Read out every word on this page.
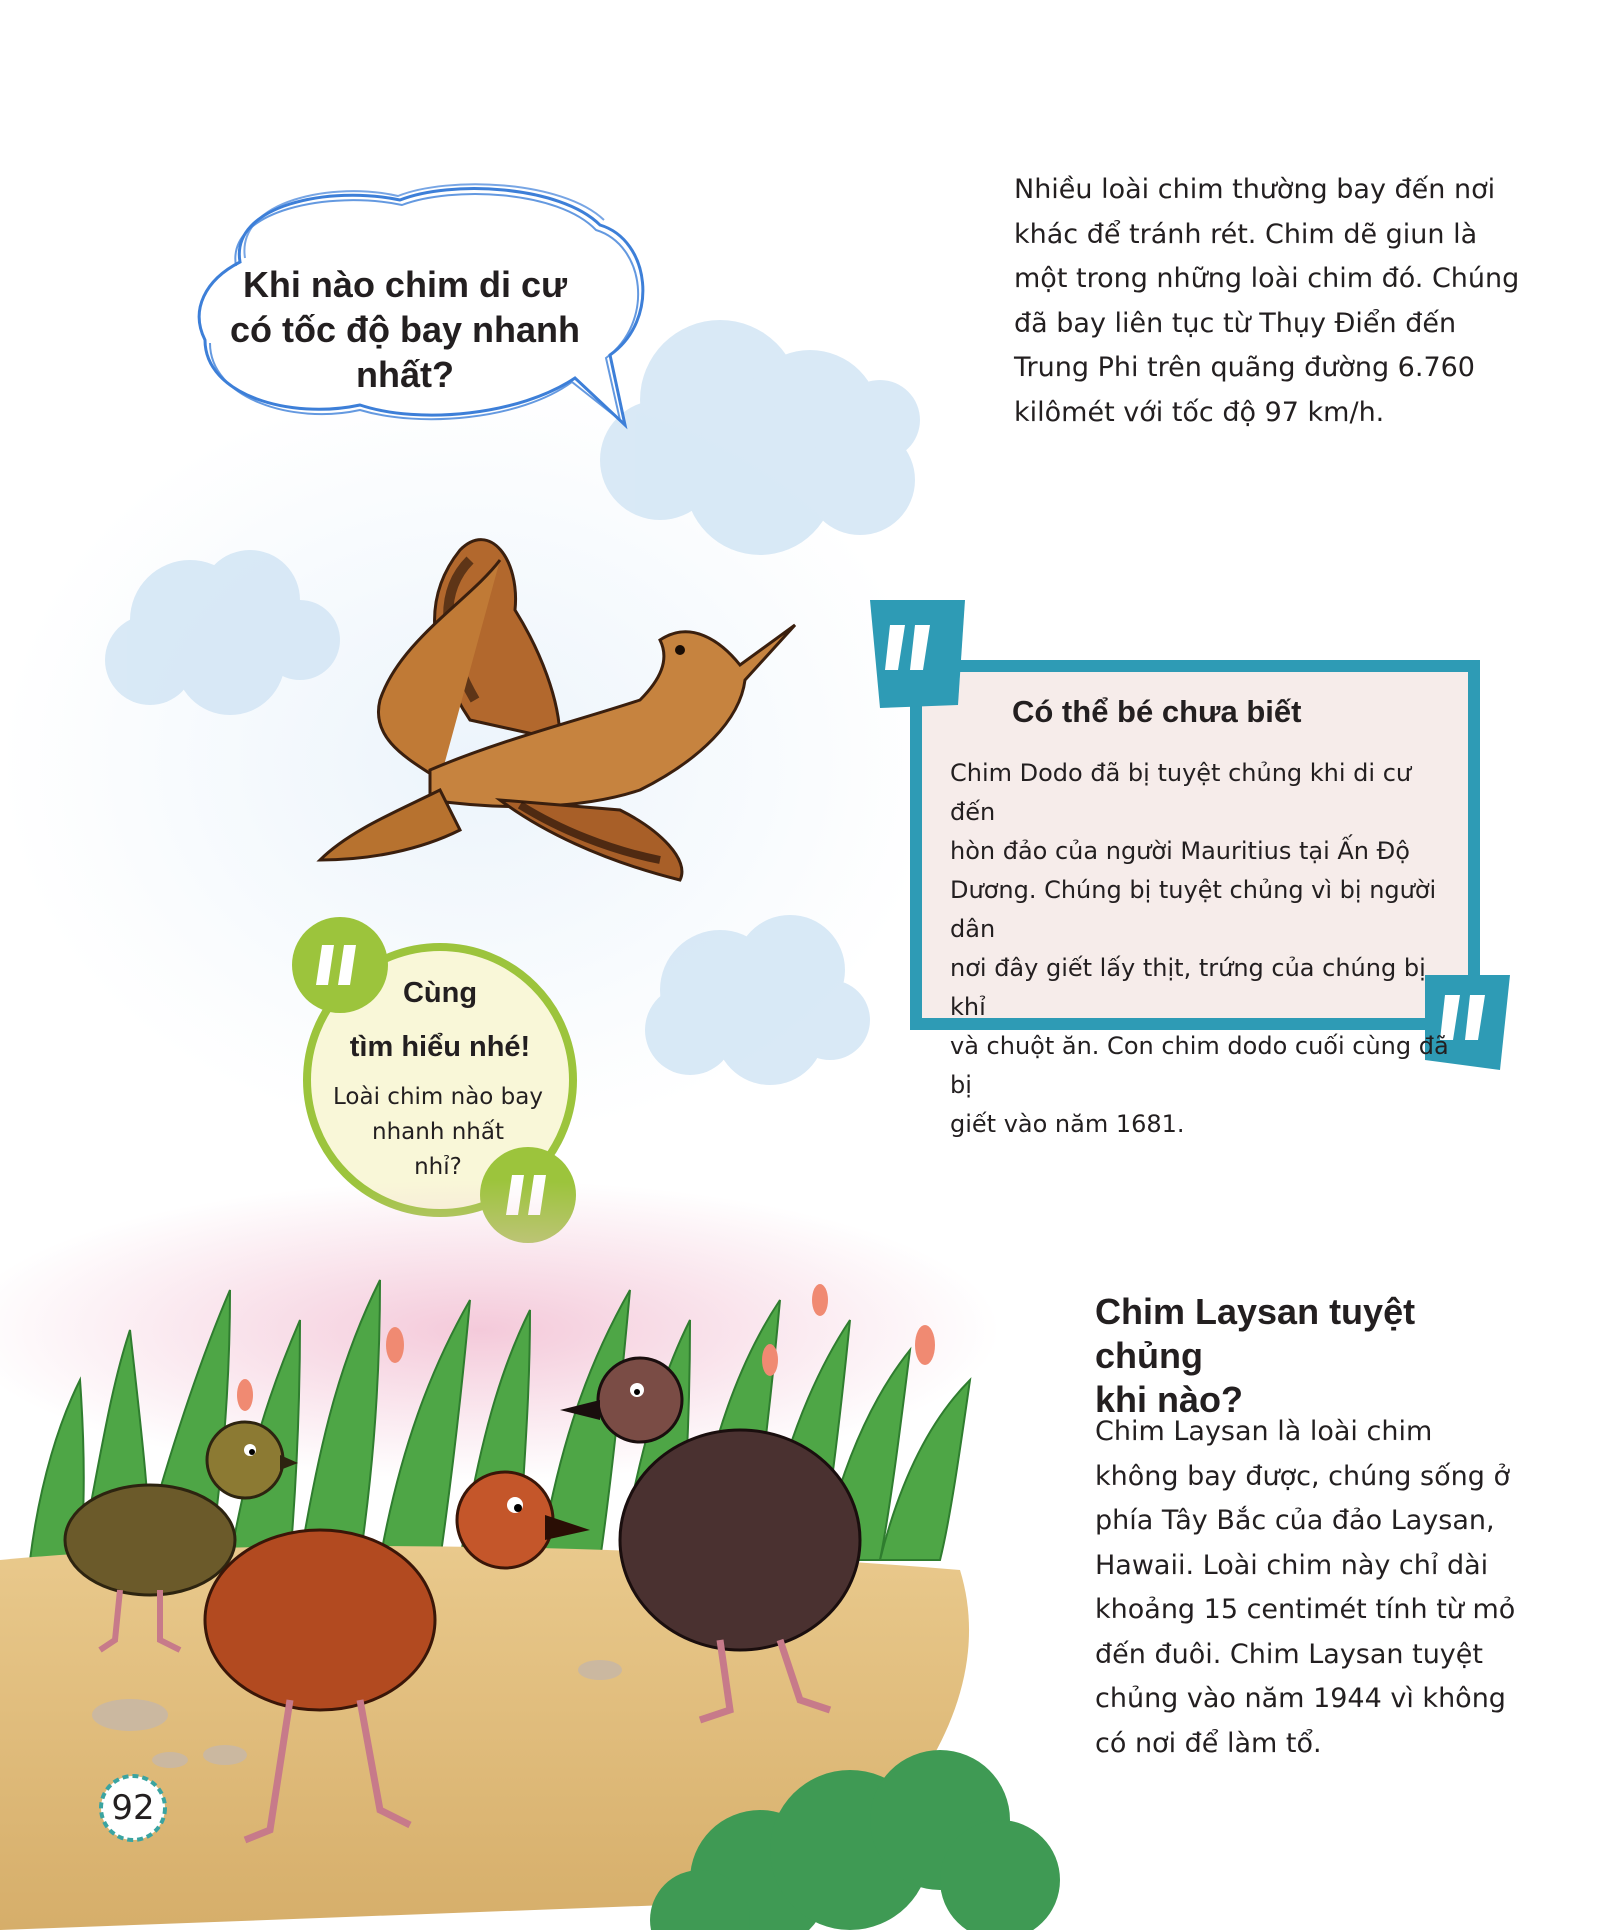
Khi nào chim di cư
có tốc độ bay nhanh
nhất?
Nhiều loài chim thường bay đến nơi
khác để tránh rét. Chim dẽ giun là
một trong những loài chim đó. Chúng
đã bay liên tục từ Thụy Điển đến
Trung Phi trên quãng đường 6.760
kilômét với tốc độ 97 km/h.
Có thể bé chưa biết
Chim Dodo đã bị tuyệt chủng khi di cư đến
hòn đảo của người Mauritius tại Ấn Độ
Dương. Chúng bị tuyệt chủng vì bị người dân
nơi đây giết lấy thịt, trứng của chúng bị khỉ
và chuột ăn. Con chim dodo cuối cùng đã bị
giết vào năm 1681.
Cùng
tìm hiểu nhé!
Loài chim nào bay
nhanh nhất
nhỉ?
Chim Laysan tuyệt chủng
khi nào?
Chim Laysan là loài chim
không bay được, chúng sống ở
phía Tây Bắc của đảo Laysan,
Hawaii. Loài chim này chỉ dài
khoảng 15 centimét tính từ mỏ
đến đuôi. Chim Laysan tuyệt
chủng vào năm 1944 vì không
có nơi để làm tổ.
92
